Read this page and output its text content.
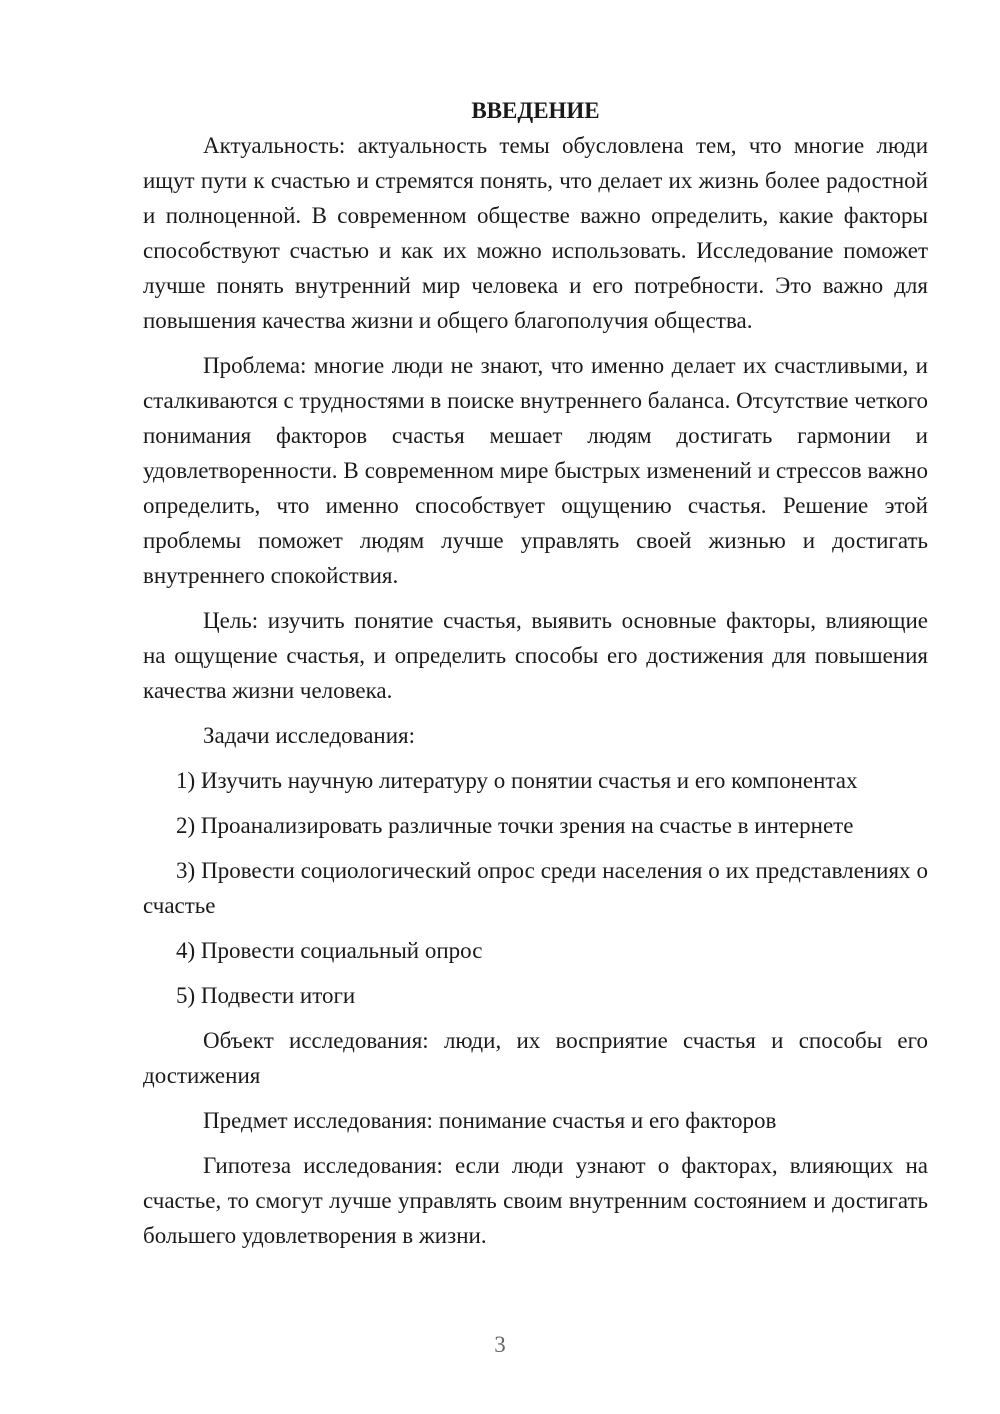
ВВЕДЕНИЕ

Актуальность: актуальность темы обусловлена тем, что многие люди ищут пути к счастью и стремятся понять, что делает их жизнь более радостной и полноценной. В современном обществе важно определить, какие факторы способствуют счастью и как их можно использовать. Исследование поможет лучше понять внутренний мир человека и его потребности. Это важно для повышения качества жизни и общего благополучия общества.

Проблема: многие люди не знают, что именно делает их счастливыми, и сталкиваются с трудностями в поиске внутреннего баланса. Отсутствие четкого понимания факторов счастья мешает людям достигать гармонии и удовлетворенности. В современном мире быстрых изменений и стрессов важно определить, что именно способствует ощущению счастья. Решение этой проблемы поможет людям лучше управлять своей жизнью и достигать внутреннего спокойствия.

Цель: изучить понятие счастья, выявить основные факторы, влияющие на ощущение счастья, и определить способы его достижения для повышения качества жизни человека.

Задачи исследования:

1) Изучить научную литературу о понятии счастья и его компонентах

2) Проанализировать различные точки зрения на счастье в интернете

3) Провести социологический опрос среди населения о их представлениях о счастье

4) Провести социальный опрос

5) Подвести итоги

Объект исследования: люди, их восприятие счастья и способы его достижения

Предмет исследования: понимание счастья и его факторов

Гипотеза исследования: если люди узнают о факторах, влияющих на счастье, то смогут лучше управлять своим внутренним состоянием и достигать большего удовлетворения в жизни.

3
